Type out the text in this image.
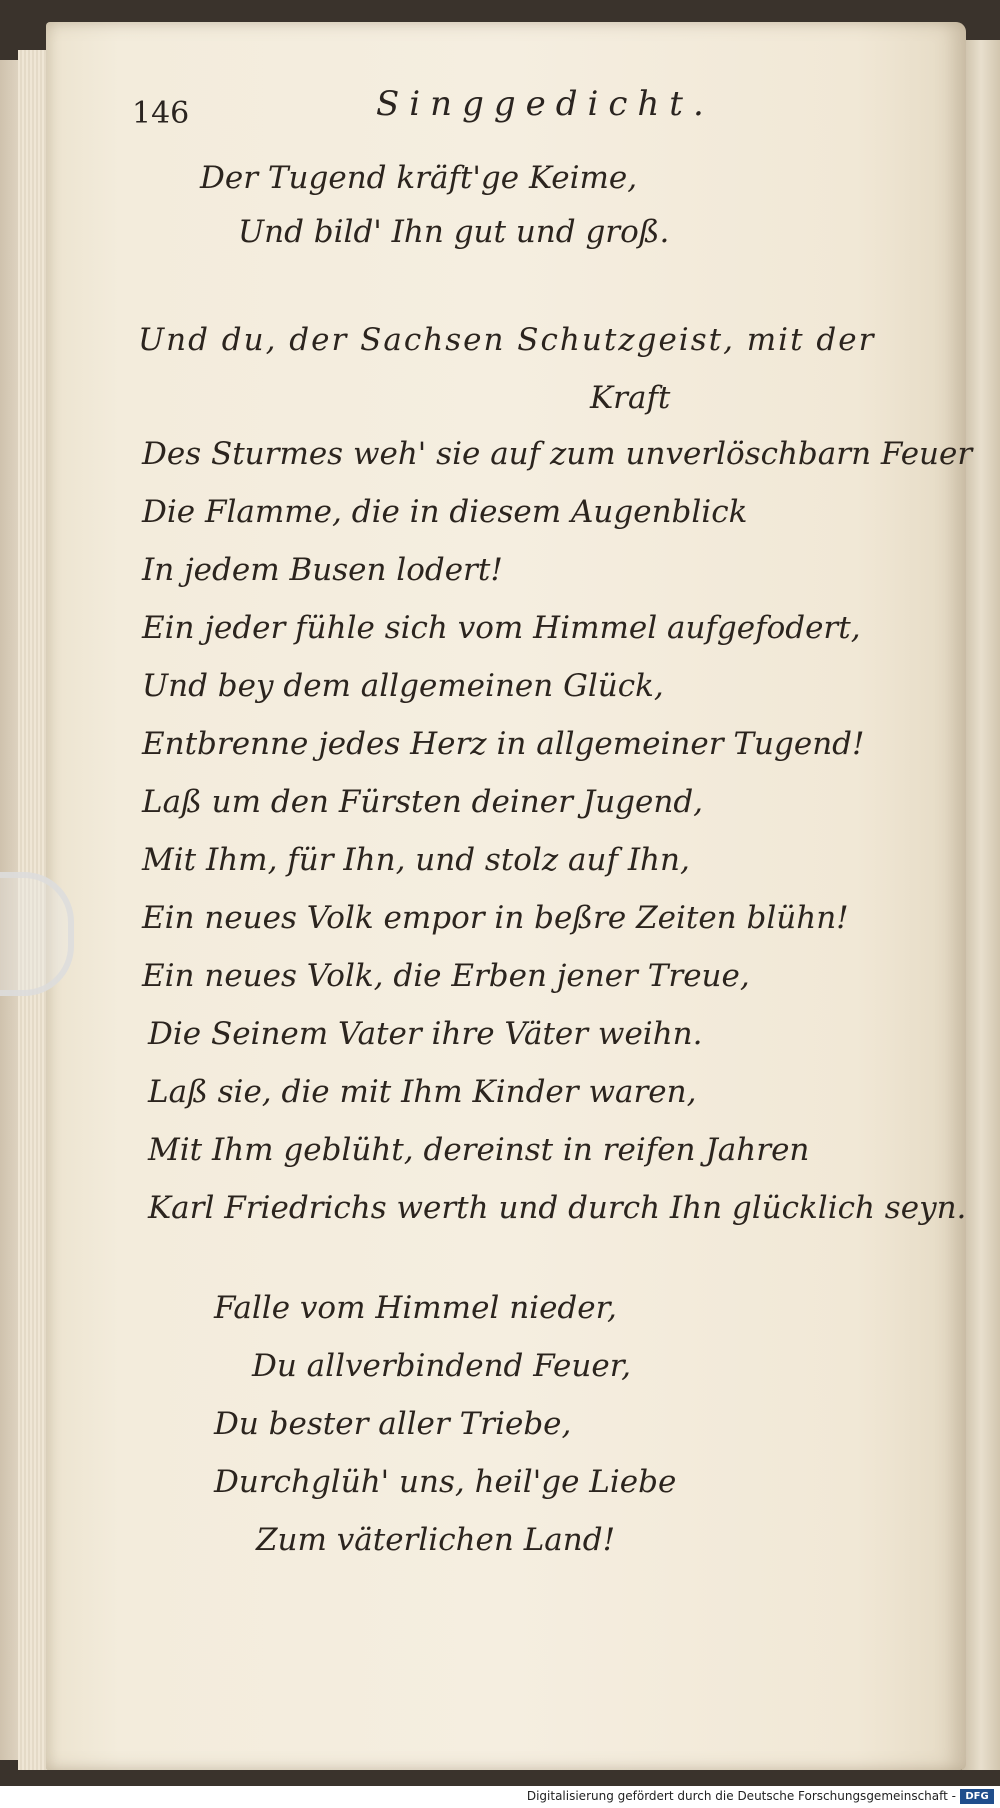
146	Singgedicht.
Der Tugend kräft'ge Keime,
Und bild' Ihn gut und groß.
Und du, der Sachsen Schutzgeist, mit der
Kraft
Des Sturmes weh' sie auf zum unverlöschbarn Feuer
Die Flamme, die in diesem Augenblick
In jedem Busen lodert!
Ein jeder fühle sich vom Himmel aufgefodert,
Und bey dem allgemeinen Glück,
Entbrenne jedes Herz in allgemeiner Tugend!
Laß um den Fürsten deiner Jugend,
Mit Ihm, für Ihn, und stolz auf Ihn,
Ein neues Volk empor in beßre Zeiten blühn!
Ein neues Volk, die Erben jener Treue,
Die Seinem Vater ihre Väter weihn.
Laß sie, die mit Ihm Kinder waren,
Mit Ihm geblüht, dereinst in reifen Jahren
Karl Friedrichs werth und durch Ihn glücklich seyn.
Falle vom Himmel nieder,
Du allverbindend Feuer,
Du bester aller Triebe,
Durchglüh' uns, heil'ge Liebe
Zum väterlichen Land!
Digitalisierung gefördert durch die Deutsche Forschungsgemeinschaft - DFG
